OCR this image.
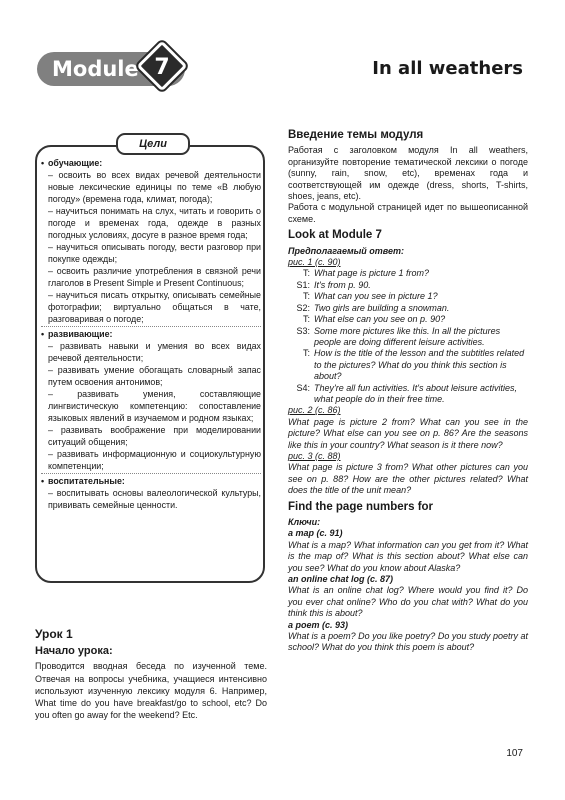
Module 7	In all weathers
Цели

• обучающие:

– освоить во всех видах речевой деятельности новые лексические единицы по теме «В любую погоду» (времена года, климат, погода);

– научиться понимать на слух, читать и говорить о погоде и временах года, одежде в разных погодных условиях, досуге в разное время года;

– научиться описывать погоду, вести разговор при покупке одежды;

– освоить различие употребления в связной речи глаголов в Present Simple и Present Continuous;

– научиться писать открытку, описывать семейные фотографии; виртуально общаться в чате, разговаривая о погоде;

• развивающие:

– развивать навыки и умения во всех видах речевой деятельности;

– развивать умение обогащать словарный запас путем освоения антонимов;

– развивать умения, составляющие лингвистическую компетенцию: сопоставление языковых явлений в изучаемом и родном языках;

– развивать воображение при моделировании ситуаций общения;

– развивать информационную и социокультурную компетенции;

• воспитательные:

– воспитывать основы валеологической культуры, прививать семейные ценности.

Урок 1

Начало урока:

Проводится вводная беседа по изученной теме. Отвечая на вопросы учебника, учащиеся интенсивно используют изученную лексику модуля 6. Например, What time do you have breakfast/go to school, etc? Do you often go away for the weekend? Etc.

Введение темы модуля

Работая с заголовком модуля In all weathers, организуйте повторение тематической лексики о погоде (sunny, rain, snow, etc), временах года и соответствующей им одежде (dress, shorts, T-shirts, shoes, jeans, etc).

Работа с модульной страницей идет по вышеописанной схеме.

Look at Module 7

Предполагаемый ответ:

рис. 1 (с. 90)

T: What page is picture 1 from?
S1: It's from p. 90.
T: What can you see in picture 1?
S2: Two girls are building a snowman.
T: What else can you see on p. 90?
S3: Some more pictures like this. In all the pictures people are doing different leisure activities.
T: How is the title of the lesson and the subtitles related to the pictures? What do you think this section is about?
S4: They're all fun activities. It's about leisure activities, what people do in their free time.

рис. 2 (с. 86)

What page is picture 2 from? What can you see in the picture? What else can you see on p. 86? Are the seasons like this in your country? What season is it there now?

рис. 3 (с. 88)

What page is picture 3 from? What other pictures can you see on p. 88? How are the other pictures related? What does the title of the unit mean?

Find the page numbers for

Ключи:

a map (c. 91)

What is a map? What information can you get from it? What is the map of? What is this section about? What else can you see? What do you know about Alaska?

an online chat log (c. 87)

What is an online chat log? Where would you find it? Do you ever chat online? Who do you chat with? What do you think this is about?

a poem (c. 93)

What is a poem? Do you like poetry? Do you study poetry at school? What do you think this poem is about?

107
